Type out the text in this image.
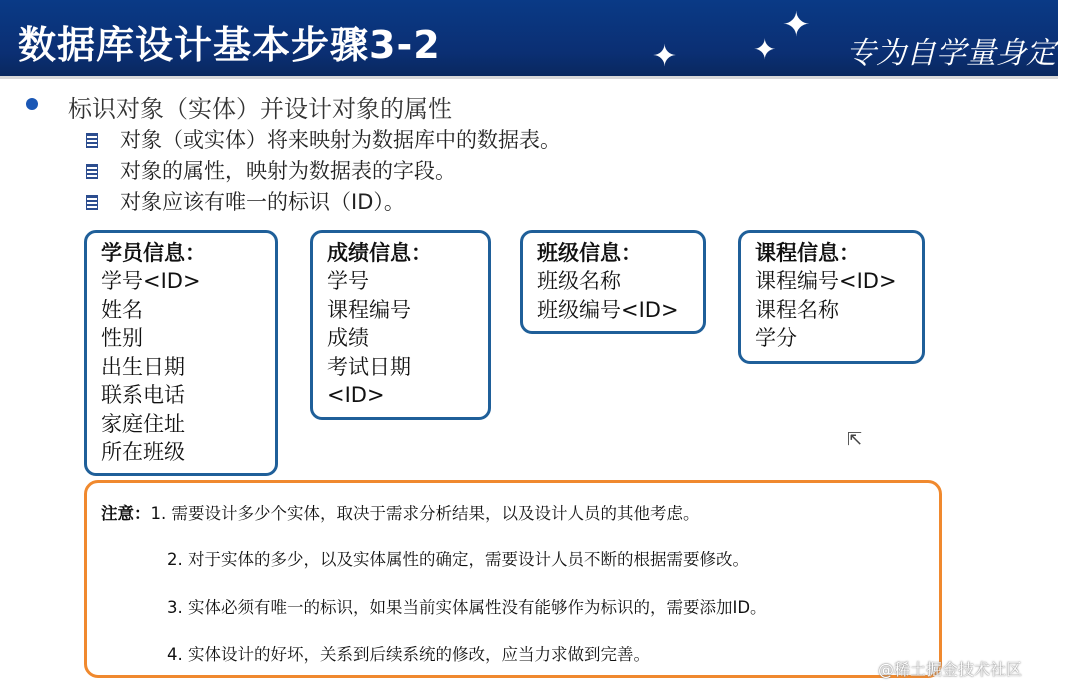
数据库设计基本步骤3-2	✦
✦
✦	专为自学量身定制
标识对象（实体）并设计对象的属性
对象（或实体）将来映射为数据库中的数据表。
对象的属性，映射为数据表的字段。
对象应该有唯一的标识（ID）。
学员信息：
学号<ID>
姓名
性别
出生日期
联系电话
家庭住址
所在班级
成绩信息：
学号
课程编号
成绩
考试日期
<ID>
班级信息：
班级名称
班级编号<ID>
课程信息：
课程编号<ID>
课程名称
学分
⇱
注意：1. 需要设计多少个实体，取决于需求分析结果，以及设计人员的其他考虑。
2. 对于实体的多少，以及实体属性的确定，需要设计人员不断的根据需要修改。
3. 实体必须有唯一的标识，如果当前实体属性没有能够作为标识的，需要添加ID。
4. 实体设计的好坏，关系到后续系统的修改，应当力求做到完善。
@稀土掘金技术社区
